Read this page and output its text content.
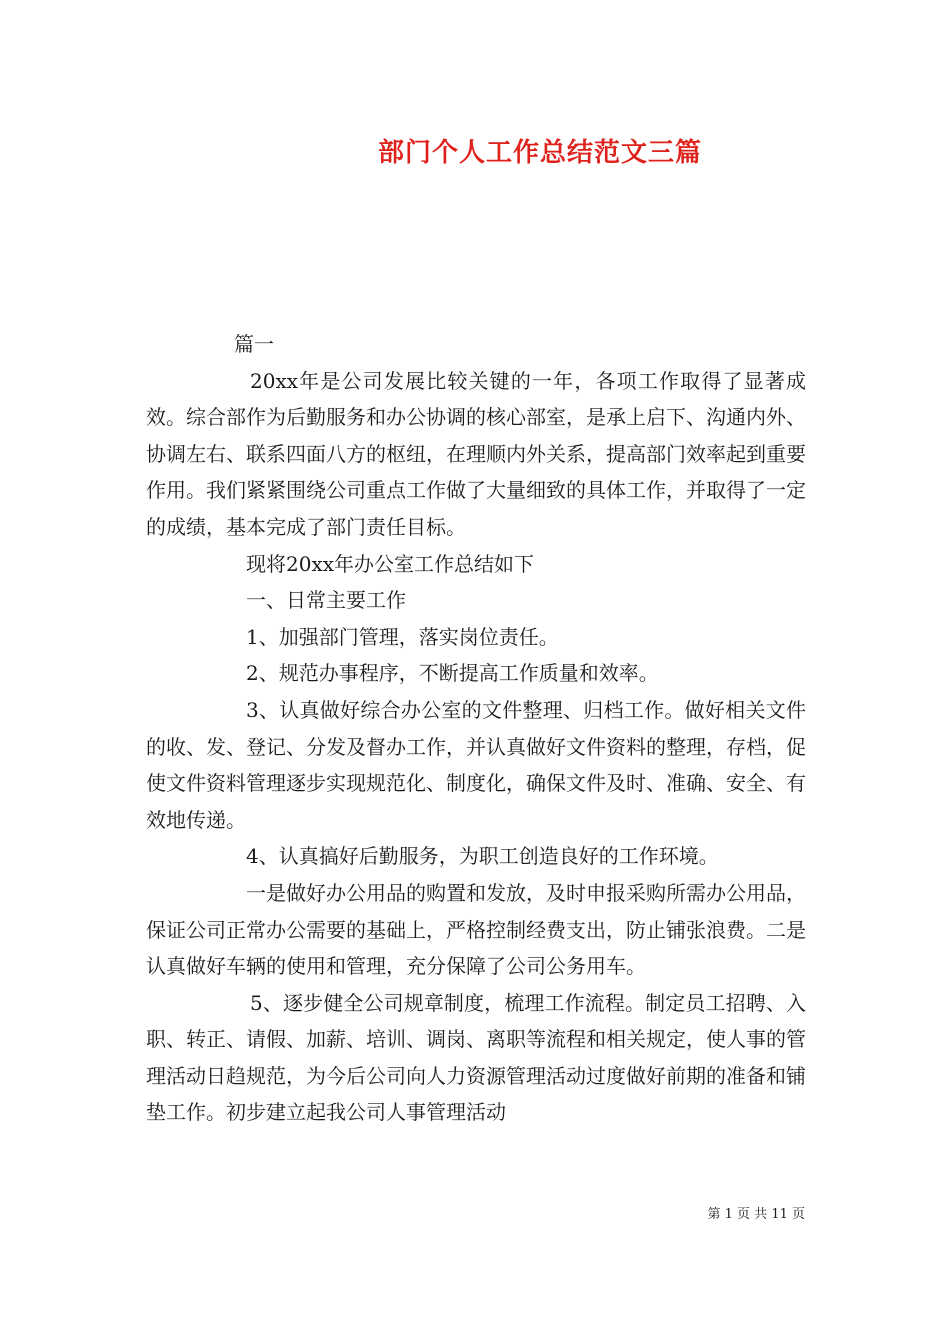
部门个人工作总结范文三篇

篇一

20xx年是公司发展比较关键的一年，各项工作取得了显著成效。综合部作为后勤服务和办公协调的核心部室，是承上启下、沟通内外、协调左右、联系四面八方的枢纽，在理顺内外关系，提高部门效率起到重要作用。我们紧紧围绕公司重点工作做了大量细致的具体工作，并取得了一定的成绩，基本完成了部门责任目标。

现将20xx年办公室工作总结如下

一、日常主要工作

1、加强部门管理，落实岗位责任。

2、规范办事程序，不断提高工作质量和效率。

3、认真做好综合办公室的文件整理、归档工作。做好相关文件的收、发、登记、分发及督办工作，并认真做好文件资料的整理，存档，促使文件资料管理逐步实现规范化、制度化，确保文件及时、准确、安全、有效地传递。

4、认真搞好后勤服务，为职工创造良好的工作环境。

一是做好办公用品的购置和发放，及时申报采购所需办公用品，保证公司正常办公需要的基础上，严格控制经费支出，防止铺张浪费。二是认真做好车辆的使用和管理，充分保障了公司公务用车。

5、逐步健全公司规章制度，梳理工作流程。制定员工招聘、入职、转正、请假、加薪、培训、调岗、离职等流程和相关规定，使人事的管理活动日趋规范，为今后公司向人力资源管理活动过度做好前期的准备和铺垫工作。初步建立起我公司人事管理活动

第 1 页 共 11 页
